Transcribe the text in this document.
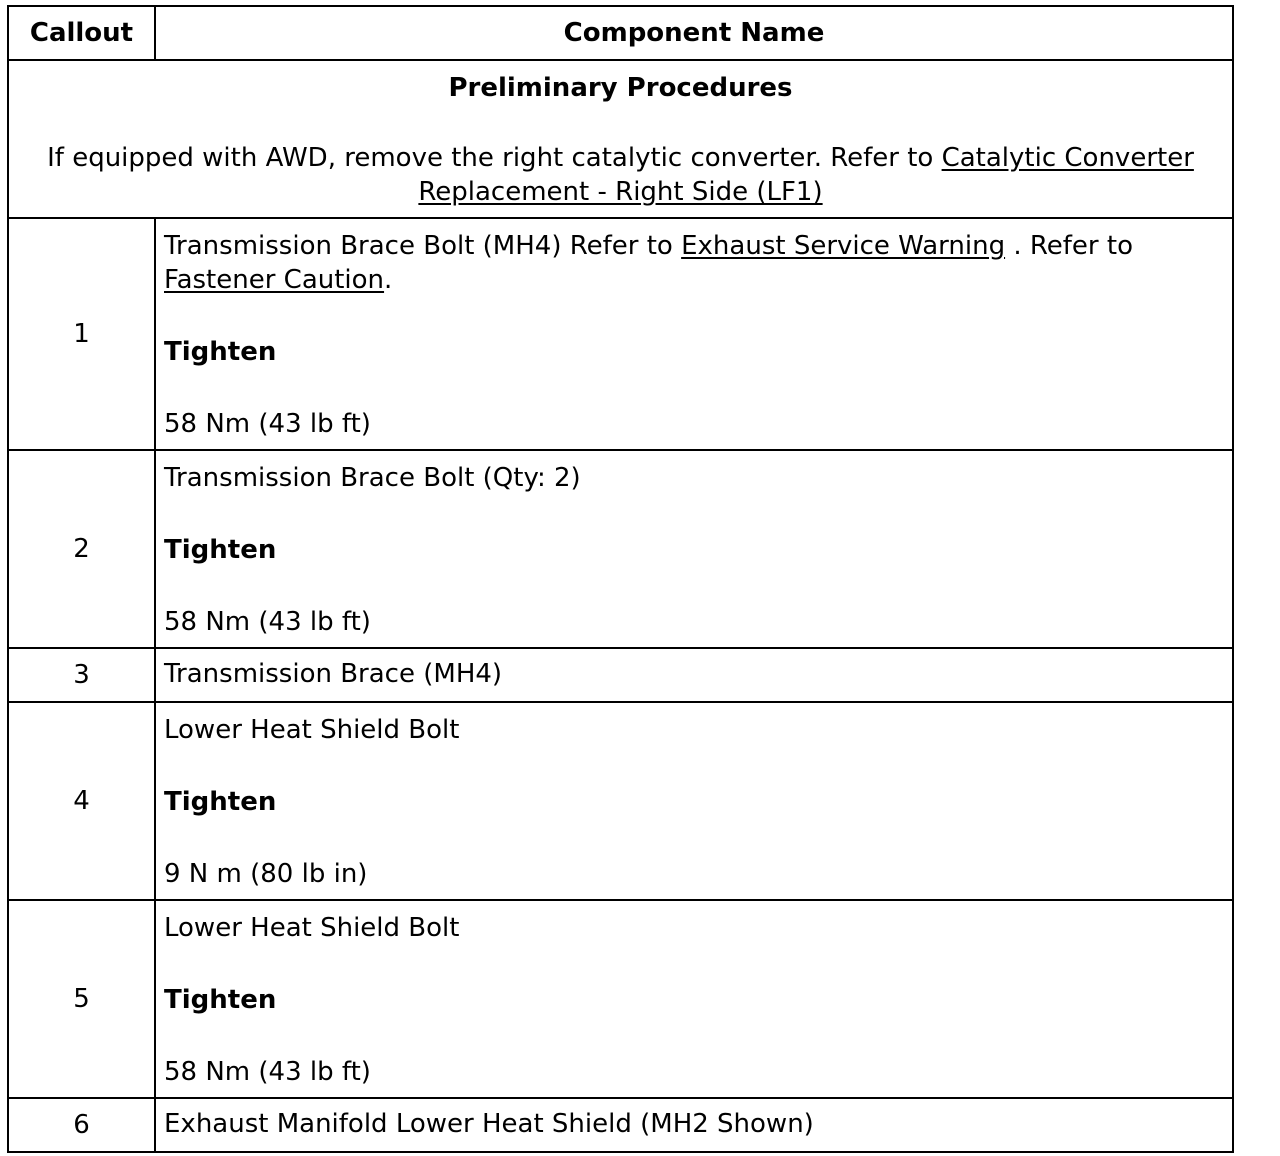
Callout	Component Name

Preliminary Procedures
If equipped with AWD, remove the right catalytic converter. Refer to Catalytic Converter Replacement - Right Side (LF1)	

1	Transmission Brace Bolt (MH4) Refer to Exhaust Service Warning . Refer to Fastener Caution.
Tighten
58 Nm (43 lb ft)

2	Transmission Brace Bolt (Qty: 2)
Tighten
58 Nm (43 lb ft)

3	Transmission Brace (MH4)

4	Lower Heat Shield Bolt
Tighten
9 N m (80 lb in)

5	Lower Heat Shield Bolt
Tighten
58 Nm (43 lb ft)

6	Exhaust Manifold Lower Heat Shield (MH2 Shown)
